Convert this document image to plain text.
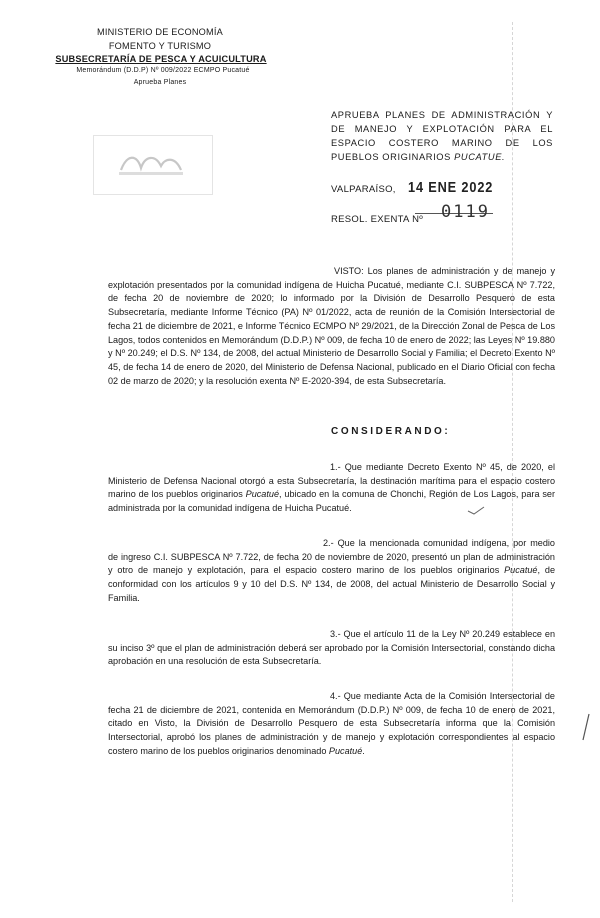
MINISTERIO DE ECONOMÍA
FOMENTO Y TURISMO
SUBSECRETARÍA DE PESCA Y ACUICULTURA
Memorándum (D.D.P) Nº 009/2022 ECMPO Pucatué
Aprueba Planes
APRUEBA PLANES DE ADMINISTRACIÓN Y DE MANEJO Y EXPLOTACIÓN PARA EL ESPACIO COSTERO MARINO DE LOS PUEBLOS ORIGINARIOS PUCATUE.
VALPARAÍSO, 14 ENE 2022
RESOL. EXENTA Nº 0119
VISTO: Los planes de administración y de manejo y explotación presentados por la comunidad indígena de Huicha Pucatué, mediante C.I. SUBPESCA Nº 7.722, de fecha 20 de noviembre de 2020; lo informado por la División de Desarrollo Pesquero de esta Subsecretaría, mediante Informe Técnico (PA) Nº 01/2022, acta de reunión de la Comisión Intersectorial de fecha 21 de diciembre de 2021, e Informe Técnico ECMPO Nº 29/2021, de la Dirección Zonal de Pesca de Los Lagos, todos contenidos en Memorándum (D.D.P.) Nº 009, de fecha 10 de enero de 2022; las Leyes Nº 19.880 y Nº 20.249; el D.S. Nº 134, de 2008, del actual Ministerio de Desarrollo Social y Familia; el Decreto Exento Nº 45, de fecha 14 de enero de 2020, del Ministerio de Defensa Nacional, publicado en el Diario Oficial con fecha 02 de marzo de 2020; y la resolución exenta Nº E-2020-394, de esta Subsecretaría.
CONSIDERANDO:
1.- Que mediante Decreto Exento Nº 45, de 2020, el Ministerio de Defensa Nacional otorgó a esta Subsecretaría, la destinación marítima para el espacio costero marino de los pueblos originarios Pucatué, ubicado en la comuna de Chonchi, Región de Los Lagos, para ser administrada por la comunidad indígena de Huicha Pucatué.
2.- Que la mencionada comunidad indígena, por medio de ingreso C.I. SUBPESCA Nº 7.722, de fecha 20 de noviembre de 2020, presentó un plan de administración y otro de manejo y explotación, para el espacio costero marino de los pueblos originarios Pucatué, de conformidad con los artículos 9 y 10 del D.S. Nº 134, de 2008, del actual Ministerio de Desarrollo Social y Familia.
3.- Que el artículo 11 de la Ley Nº 20.249 establece en su inciso 3º que el plan de administración deberá ser aprobado por la Comisión Intersectorial, constando dicha aprobación en una resolución de esta Subsecretaría.
4.- Que mediante Acta de la Comisión Intersectorial de fecha 21 de diciembre de 2021, contenida en Memorándum (D.D.P.) Nº 009, de fecha 10 de enero de 2021, citado en Visto, la División de Desarrollo Pesquero de esta Subsecretaría informa que la Comisión Intersectorial, aprobó los planes de administración y de manejo y explotación correspondientes al espacio costero marino de los pueblos originarios denominado Pucatué.
